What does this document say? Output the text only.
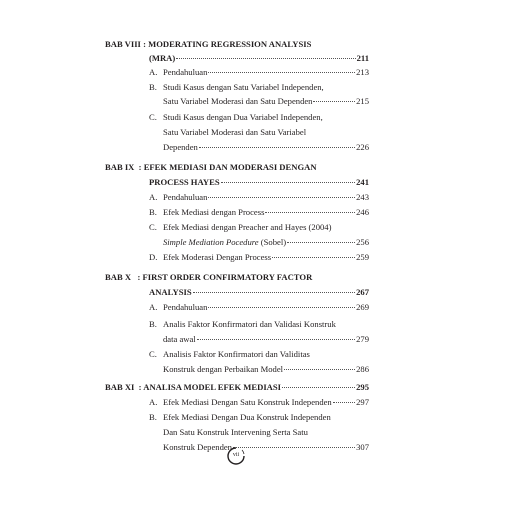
BAB VIII : MODERATING REGRESSION ANALYSIS
(MRA)	211
A. Pendahuluan	213
B. Studi Kasus dengan Satu Variabel Independen,
Satu Variabel Moderasi dan Satu Dependen	215
C. Studi Kasus dengan Dua Variabel Independen,
Satu Variabel Moderasi dan Satu Variabel
Dependen	226
BAB IX : EFEK MEDIASI DAN MODERASI DENGAN
PROCESS HAYES	241
A. Pendahuluan	243
B. Efek Mediasi dengan Process	246
C. Efek Mediasi dengan Preacher and Hayes (2004)
Simple Mediation Pocedure (Sobel)	256
D. Efek Moderasi Dengan Process	259
BAB X : FIRST ORDER CONFIRMATORY FACTOR
ANALYSIS	267
A. Pendahuluan	269
B. Analis Faktor Konfirmatori dan Validasi Konstruk
data awal	279
C. Analisis Faktor Konfirmatori dan Validitas
Konstruk dengan Perbaikan Model	286
BAB XI : ANALISA MODEL EFEK MEDIASI	295
A. Efek Mediasi Dengan Satu Konstruk Independen	297
B. Efek Mediasi Dengan Dua Konstruk Independen
Dan Satu Konstruk Intervening Serta Satu
Konstruk Dependen	307
vii
